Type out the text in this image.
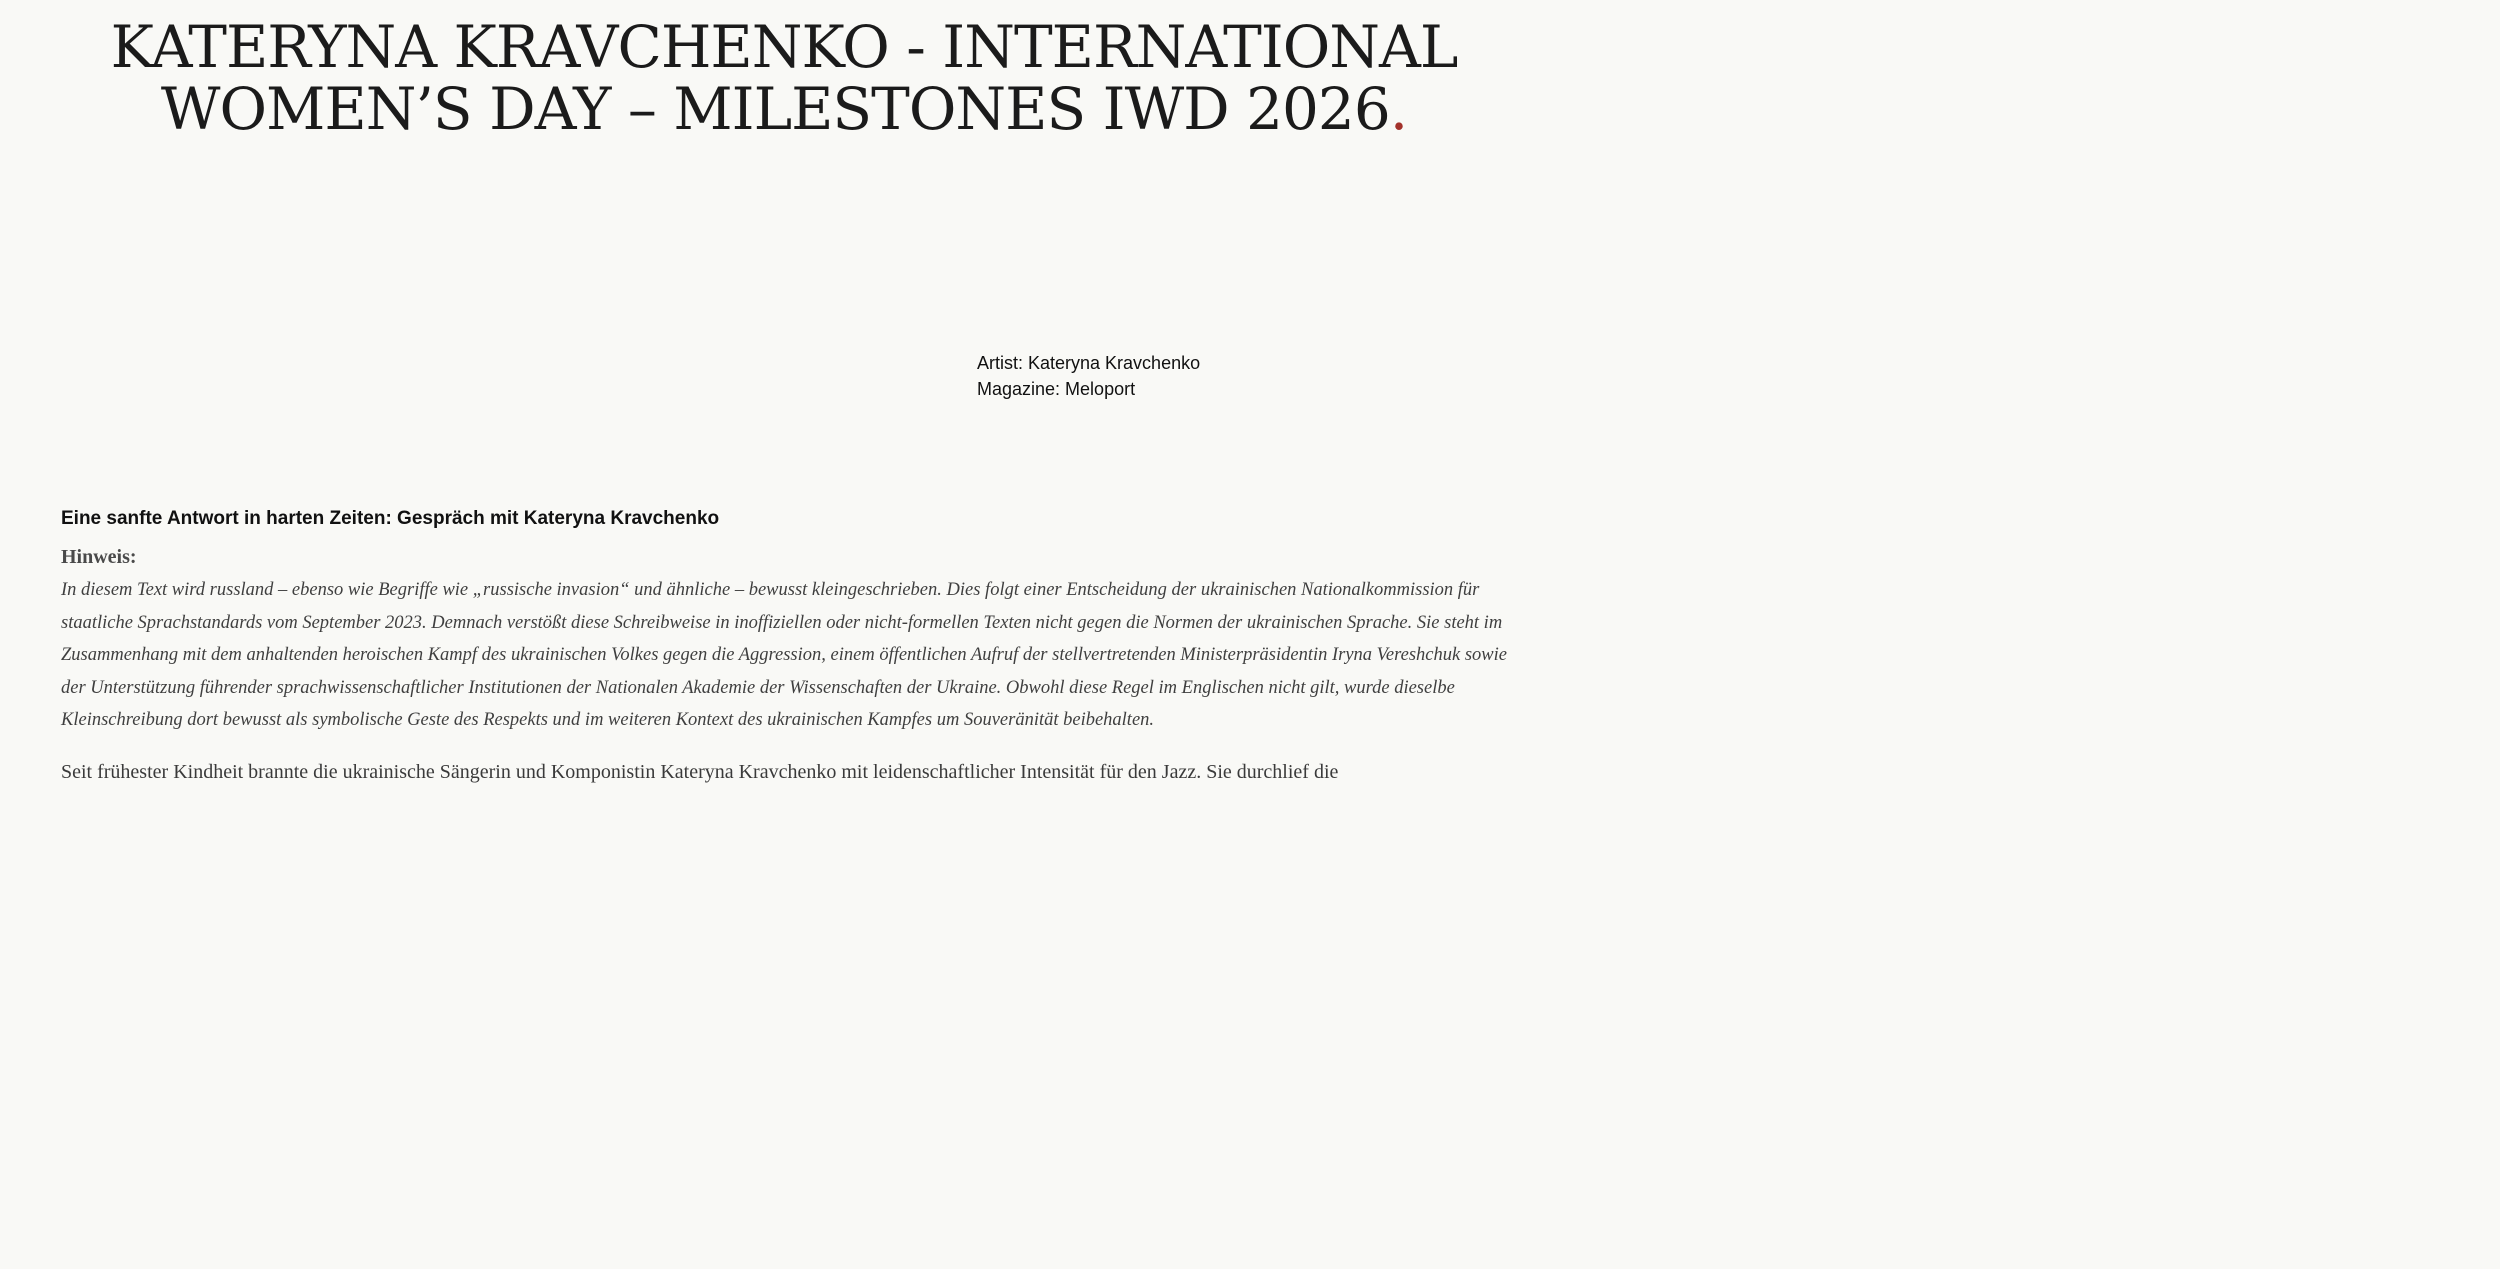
KATERYNA KRAVCHENKO - INTERNATIONAL WOMEN’S DAY – MILESTONES IWD 2026.
Artist: Kateryna Kravchenko
Magazine: Meloport
Eine sanfte Antwort in harten Zeiten: Gespräch mit Kateryna Kravchenko
Hinweis:

In diesem Text wird russland – ebenso wie Begriffe wie „russische invasion“ und ähnliche – bewusst kleingeschrieben. Dies folgt einer Entscheidung der ukrainischen Nationalkommission für staatliche Sprachstandards vom September 2023. Demnach verstößt diese Schreibweise in inoffiziellen oder nicht-formellen Texten nicht gegen die Normen der ukrainischen Sprache. Sie steht im Zusammenhang mit dem anhaltenden heroischen Kampf des ukrainischen Volkes gegen die Aggression, einem öffentlichen Aufruf der stellvertretenden Ministerpräsidentin Iryna Vereshchuk sowie der Unterstützung führender sprachwissenschaftlicher Institutionen der Nationalen Akademie der Wissenschaften der Ukraine. Obwohl diese Regel im Englischen nicht gilt, wurde dieselbe Kleinschreibung dort bewusst als symbolische Geste des Respekts und im weiteren Kontext des ukrainischen Kampfes um Souveränität beibehalten.

Seit frühester Kindheit brannte die ukrainische Sängerin und Komponistin Kateryna Kravchenko mit leidenschaftlicher Intensität für den Jazz. Sie durchlief die
